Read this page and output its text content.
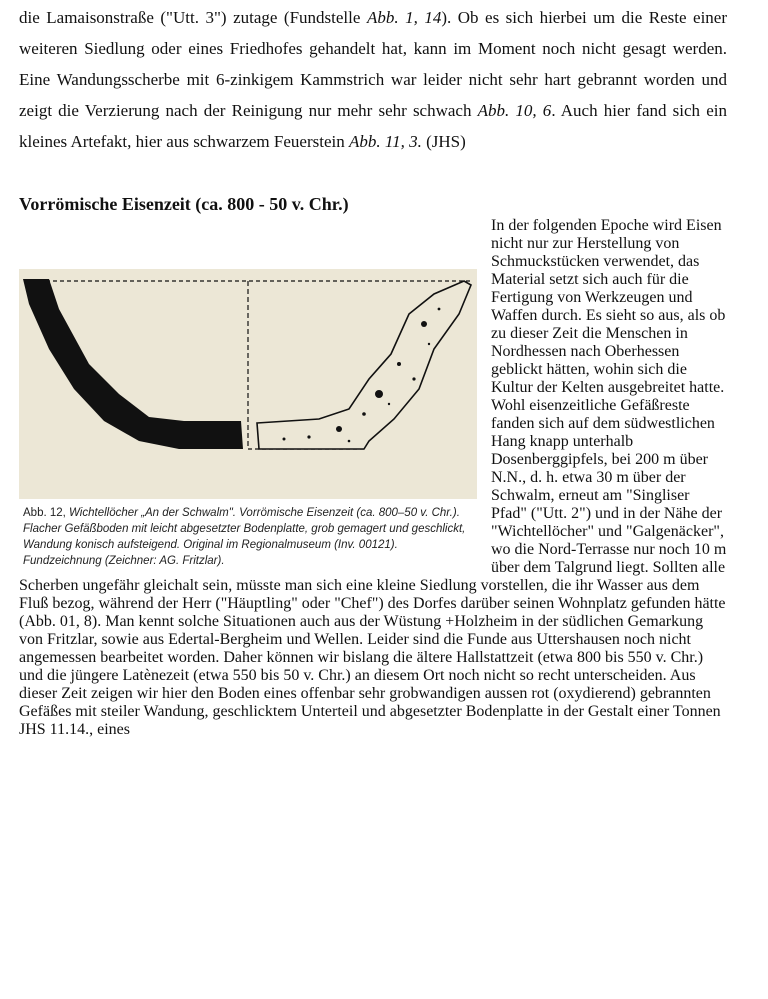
die Lamaisonstraße ("Utt. 3") zutage (Fundstelle Abb. 1, 14). Ob es sich hierbei um die Reste einer weiteren Siedlung oder eines Friedhofes gehandelt hat, kann im Moment noch nicht gesagt werden. Eine Wandungsscherbe mit 6-zinkigem Kammstrich war leider nicht sehr hart gebrannt worden und zeigt die Verzierung nach der Reinigung nur mehr sehr schwach Abb. 10, 6. Auch hier fand sich ein kleines Artefakt, hier aus schwarzem Feuerstein Abb. 11, 3. (JHS)

Vorrömische Eisenzeit (ca. 800 - 50 v. Chr.)

Abb. 12, Wichtellöcher „An der Schwalm". Vorrömische Eisenzeit (ca. 800–50 v. Chr.). Flacher Gefäßboden mit leicht abgesetzter Bodenplatte, grob gemagert und geschlickt, Wandung konisch aufsteigend. Original im Regionalmuseum (Inv. 00121). Fundzeichnung (Zeichner: AG. Fritzlar).
In der folgenden Epoche wird Eisen nicht nur zur Herstellung von Schmuckstücken verwendet, das Material setzt sich auch für die Fertigung von Werkzeugen und Waffen durch. Es sieht so aus, als ob zu dieser Zeit die Menschen in Nordhessen nach Oberhessen geblickt hätten, wohin sich die Kultur der Kelten ausgebreitet hatte. Wohl eisenzeitliche Gefäßreste fanden sich auf dem südwestlichen Hang knapp unterhalb Dosenberggipfels, bei 200 m über N.N., d. h. etwa 30 m über der Schwalm, erneut am "Singliser Pfad" ("Utt. 2") und in der Nähe der "Wichtellöcher" und "Galgenäcker", wo die Nord-Terrasse nur noch 10 m über dem Talgrund liegt. Sollten alle Scherben ungefähr gleichalt sein, müsste man sich eine kleine Siedlung vorstellen, die ihr Wasser aus dem Fluß bezog, während der Herr ("Häuptling" oder "Chef") des Dorfes darüber seinen Wohnplatz gefunden hätte (Abb. 01, 8). Man kennt solche Situationen auch aus der Wüstung +Holzheim in der südlichen Gemarkung von Fritzlar, sowie aus Edertal-Bergheim und Wellen. Leider sind die Funde aus Uttershausen noch nicht angemessen bearbeitet worden. Daher können wir bislang die ältere Hallstattzeit (etwa 800 bis 550 v. Chr.) und die jüngere Latènezeit (etwa 550 bis 50 v. Chr.) an diesem Ort noch nicht so recht unterscheiden. Aus dieser Zeit zeigen wir hier den Boden eines offenbar sehr grobwandigen aussen rot (oxydierend) gebrannten Gefäßes mit steiler Wandung, geschlicktem Unterteil und abgesetzter Bodenplatte in der Gestalt einer Tonnen JHS 11.14., eines
